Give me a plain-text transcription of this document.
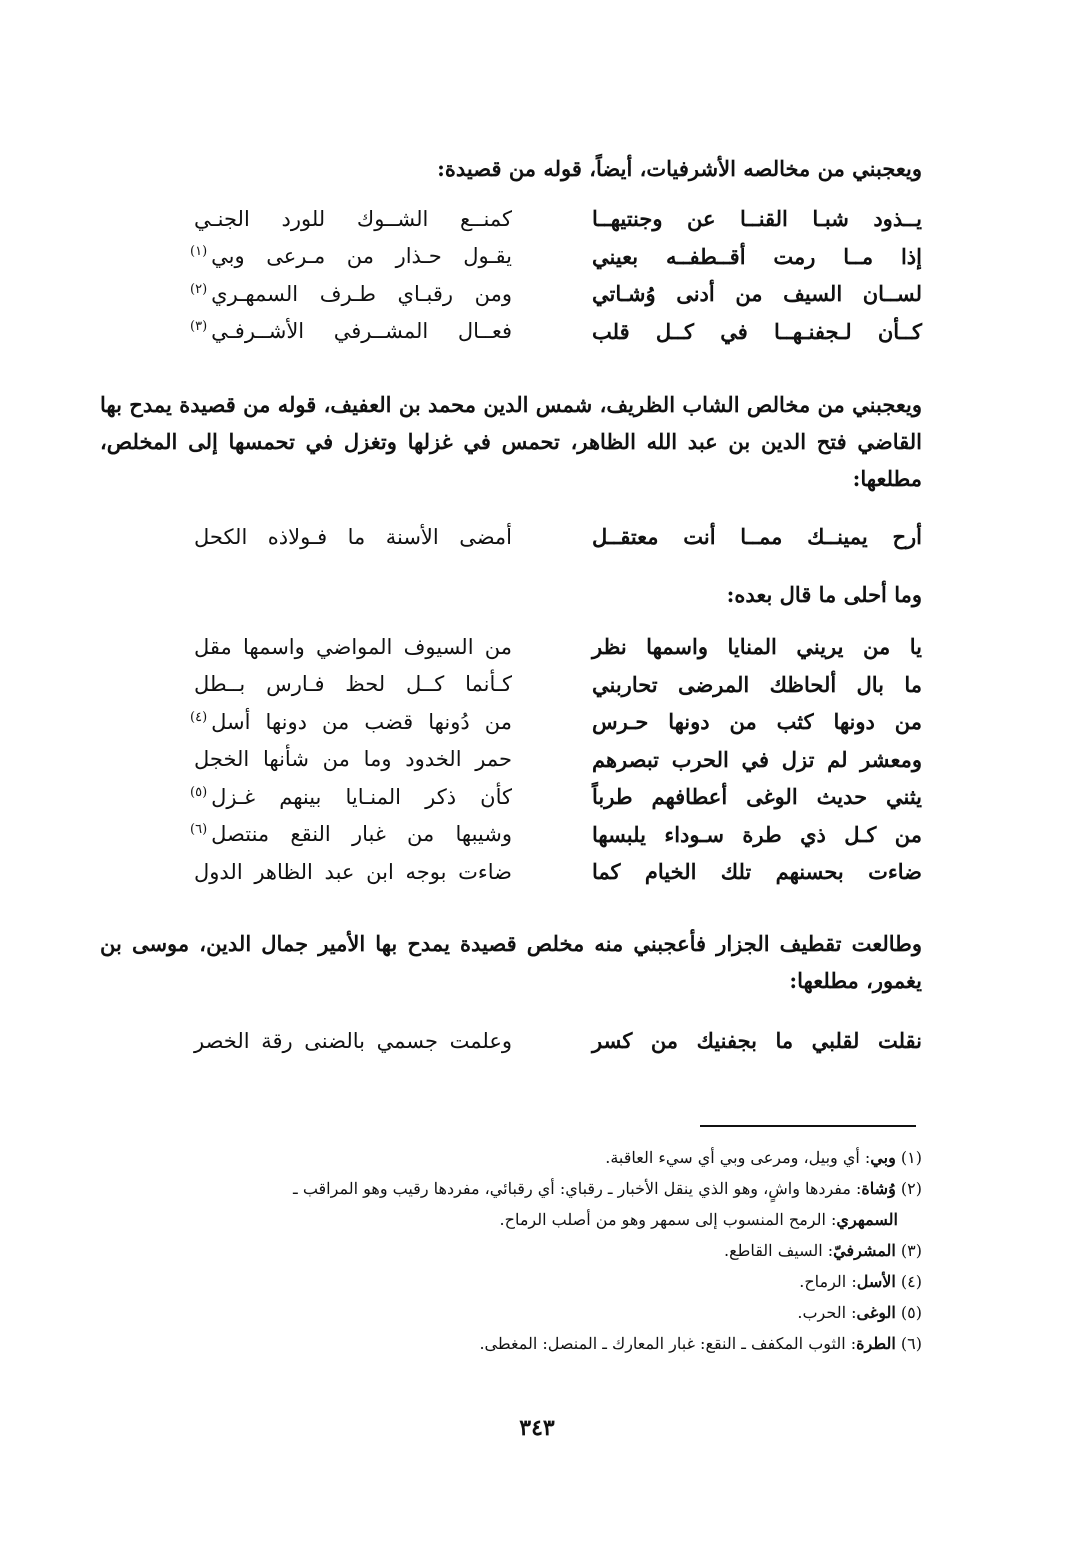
ويعجبني من مخالصه الأشرفيات، أيضاً، قوله من قصيدة:
يــذود شبـا القنــا عن وجنتيهــا
كمنــع الشــوك للورد الجنـي
إذا مــا رمت أقــطفــه بعيني
يقـول حـذار من مـرعى وبي$^{(١)}$
لســان السيف من أدنى وُشـاتي
ومن رقبـاي طـرف السمهـري$^{(٢)}$
كــأن لـجفنـهــا في كــل قلب
فعــال المشــرفي الأشــرفـي$^{(٣)}$
ويعجبني من مخالص الشاب الظريف، شمس الدين محمد بن العفيف، قوله من قصيدة يمدح بها القاضي فتح الدين بن عبد الله الظاهر، تحمس في غزلها وتغزل في تحمسها إلى المخلص، مطلعها:
أرح يمينــك ممــا أنت معتقــل
أمضى الأسنة ما فـولاذه الكحل
وما أحلى ما قال بعده:
يا من يريني المنايا واسمها نظر
من السيوف المواضي واسمها مقل
ما بال ألحاظك المرضى تحاربني
كـأنما كــل لحظ فـارس بــطل
من دونها كثب من دونها حـرس
من دُونها قضب من دونها أسل$^{(٤)}$
ومعشر لم تزل في الحرب تبصرهم
حمر الخدود وما من شأنها الخجل
يثني حديث الوغى أعطافهم طرباً
كأن ذكر المنـايا بينهم غـزل$^{(٥)}$
من كـل ذي طرة سـوداء يلبسها
وشيبها من غبار النقع منتصل$^{(٦)}$
ضاءت بحسنهم تلك الخيام كما
ضاءت بوجه ابن عبد الظاهر الدول
وطالعت تقطيف الجزار فأعجبني منه مخلص قصيدة يمدح بها الأمير جمال الدين، موسى بن يغمور، مطلعها:
نقلت لقلبي ما بجفنيك من كسر
وعلمت جسمي بالضنى رقة الخصر
(١) وبي: أي وبيل، ومرعى وبي أي سيء العاقبة.
(٢) وُشاة: مفردها واشٍ، وهو الذي ينقل الأخبار ـ رقباي: أي رقبائي، مفردها رقيب وهو المراقب ـ
السمهري: الرمح المنسوب إلى سمهر وهو من أصلب الرماح.
(٣) المشرفيّ: السيف القاطع.
(٤) الأسل: الرماح.
(٥) الوغى: الحرب.
(٦) الطرة: الثوب المكفف ـ النقع: غبار المعارك ـ المنصل: المغطى.
٣٤٣
